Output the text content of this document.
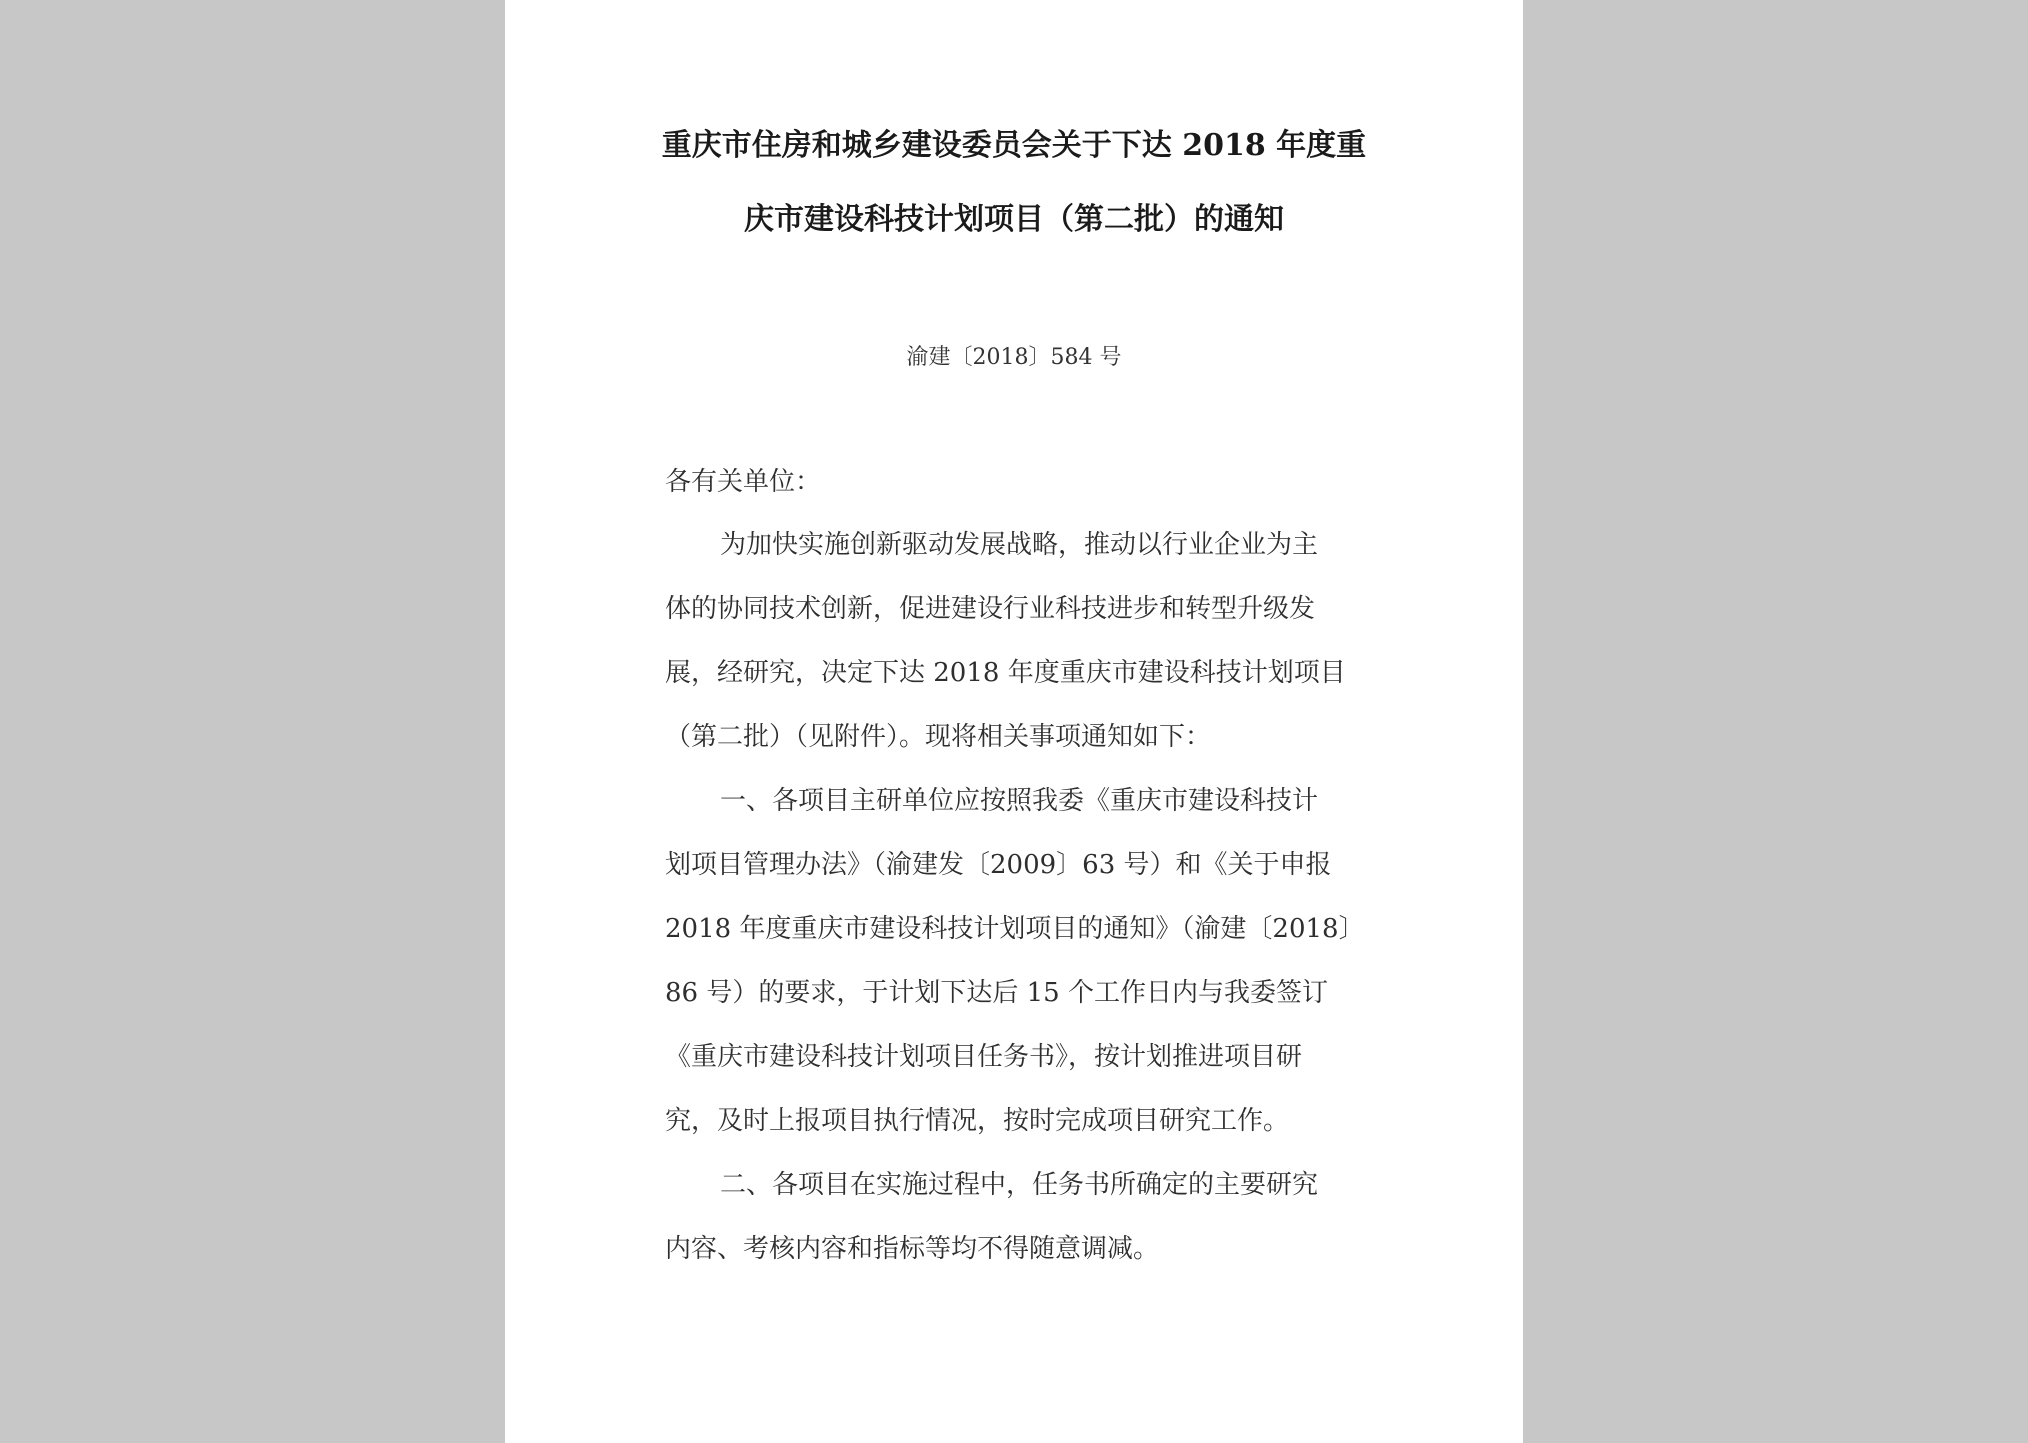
重庆市住房和城乡建设委员会关于下达 2018 年度重
庆市建设科技计划项目（第二批）的通知
渝建〔2018〕584 号
各有关单位：
为加快实施创新驱动发展战略，推动以行业企业为主
体的协同技术创新，促进建设行业科技进步和转型升级发
展，经研究，决定下达 2018 年度重庆市建设科技计划项目
（第二批）（见附件）。现将相关事项通知如下：
一、各项目主研单位应按照我委《重庆市建设科技计
划项目管理办法》（渝建发〔2009〕63 号）和《关于申报
2018 年度重庆市建设科技计划项目的通知》（渝建〔2018〕
86 号）的要求，于计划下达后 15 个工作日内与我委签订
《重庆市建设科技计划项目任务书》，按计划推进项目研
究，及时上报项目执行情况，按时完成项目研究工作。
二、各项目在实施过程中，任务书所确定的主要研究
内容、考核内容和指标等均不得随意调减。
